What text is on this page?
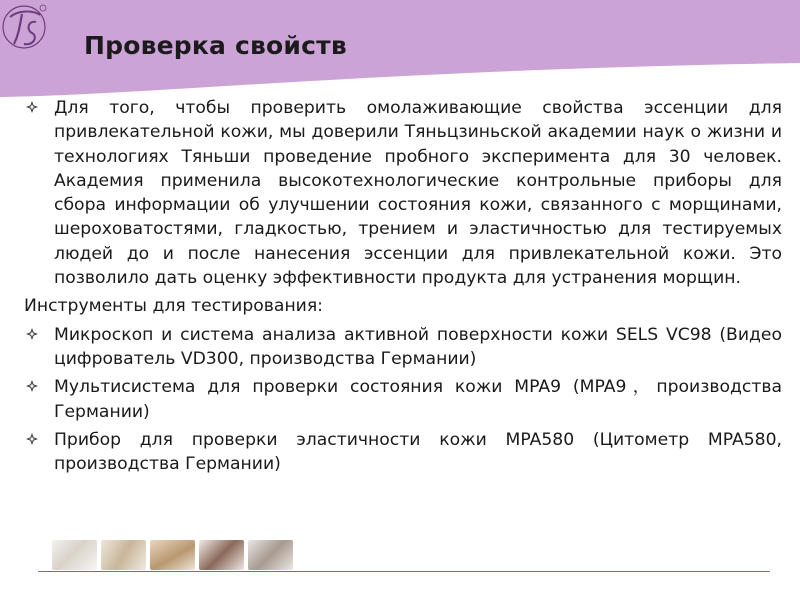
Проверка свойств
Для того, чтобы проверить омолаживающие свойства эссенции для привлекательной кожи, мы доверили Тяньцзиньской академии наук о жизни и технологиях Тяньши проведение пробного эксперимента для 30 человек. Академия применила высокотехнологические контрольные приборы для сбора информации об улучшении состояния кожи, связанного с морщинами, шероховатостями, гладкостью, трением и эластичностью для тестируемых людей до и после нанесения эссенции для привлекательной кожи. Это позволило дать оценку эффективности продукта для устранения морщин.
Инструменты для тестирования:
Микроскоп и система анализа активной поверхности кожи SELS VC98 (Видео цифрователь VD300, производства Германии)
Мультисистема для проверки состояния кожи MPA9 (MPA9，производства Германии)
Прибор для проверки эластичности кожи MPA580 (Цитометр MPA580, производства Германии)
